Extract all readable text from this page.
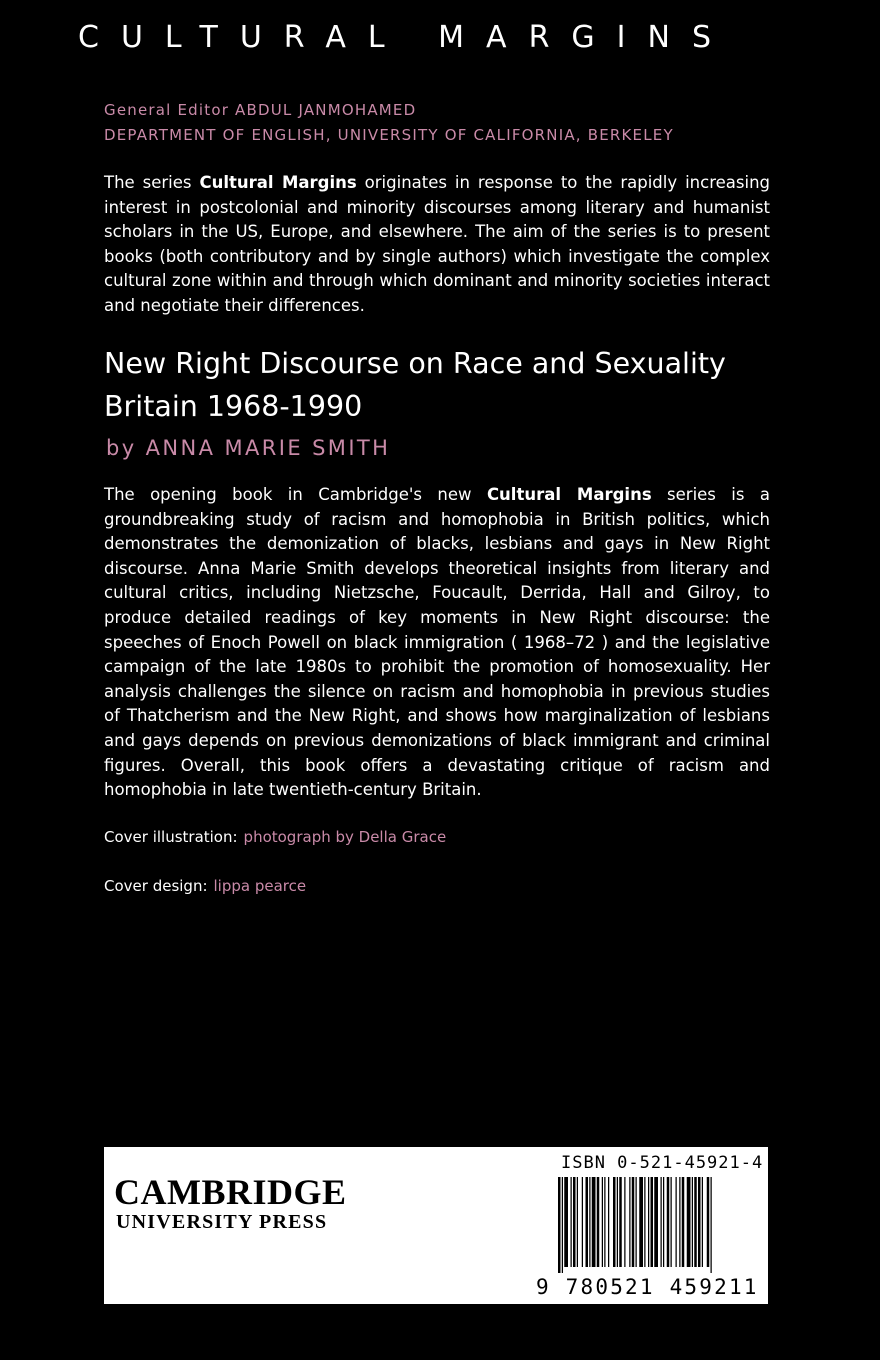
CULTURAL MARGINS
General Editor ABDUL JANMOHAMED
DEPARTMENT OF ENGLISH, UNIVERSITY OF CALIFORNIA, BERKELEY
The series Cultural Margins originates in response to the rapidly increasing interest in postcolonial and minority discourses among literary and humanist scholars in the US, Europe, and elsewhere. The aim of the series is to present books (both contributory and by single authors) which investigate the complex cultural zone within and through which dominant and minority societies interact and negotiate their differences.
New Right Discourse on Race and Sexuality
Britain 1968-1990
by ANNA MARIE SMITH
The opening book in Cambridge's new Cultural Margins series is a groundbreaking study of racism and homophobia in British politics, which demonstrates the demonization of blacks, lesbians and gays in New Right discourse. Anna Marie Smith develops theoretical insights from literary and cultural critics, including Nietzsche, Foucault, Derrida, Hall and Gilroy, to produce detailed readings of key moments in New Right discourse: the speeches of Enoch Powell on black immigration ( 1968–72 ) and the legislative campaign of the late 1980s to prohibit the promotion of homosexuality. Her analysis challenges the silence on racism and homophobia in previous studies of Thatcherism and the New Right, and shows how marginalization of lesbians and gays depends on previous demonizations of black immigrant and criminal figures. Overall, this book offers a devastating critique of racism and homophobia in late twentieth-century Britain.
Cover illustration: photograph by Della Grace
Cover design: lippa pearce
CAMBRIDGE
UNIVERSITY PRESS
ISBN 0-521-45921-4
9 780521 459211
